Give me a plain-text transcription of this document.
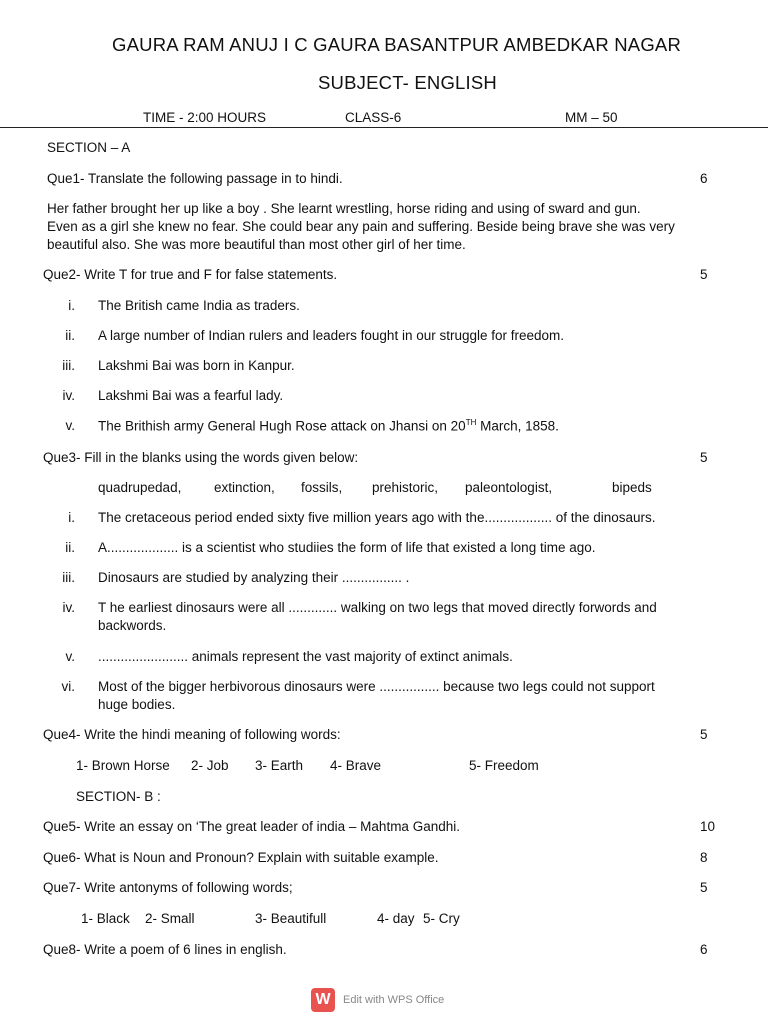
GAURA RAM ANUJ I C GAURA BASANTPUR AMBEDKAR NAGAR
SUBJECT- ENGLISH
TIME - 2:00 HOURS	CLASS-6	MM – 50
SECTION – A
Que1- Translate the following passage in to hindi.	6
Her father brought her up like a boy . She learnt wrestling, horse riding and using of sward and gun.
Even as a girl she knew no fear. She could bear any pain and suffering. Beside being brave she was very
beautiful also. She was more beautiful than most other girl of her time.
Que2- Write T for true and F for false statements.	5
i. The British came India as traders.
ii. A large number of Indian rulers and leaders fought in our struggle for freedom.
iii. Lakshmi Bai was born in Kanpur.
iv. Lakshmi Bai was a fearful lady.
v. The Brithish army General Hugh Rose attack on Jhansi on 20TH March, 1858.
Que3- Fill in the blanks using the words given below:	5
quadrupedad, extinction, fossils, prehistoric, paleontologist,	bipeds
i. The cretaceous period ended sixty five million years ago with the.................. of the dinosaurs.
ii. A................... is a scientist who studiies the form of life that existed a long time ago.
iii. Dinosaurs are studied by analyzing their ................ .
iv. T he earliest dinosaurs were all ............. walking on two legs that moved directly forwords and
backwords.
v. ........................ animals represent the vast majority of extinct animals.
vi. Most of the bigger herbivorous dinosaurs were ................ because two legs could not support
huge bodies.
Que4- Write the hindi meaning of following words:	5
1- Brown Horse 2- Job 3- Earth 4- Brave	5- Freedom
SECTION- B :
Que5- Write an essay on ‘The great leader of india – Mahtma Gandhi.	10
Que6- What is Noun and Pronoun? Explain with suitable example.	8
Que7- Write antonyms of following words;	5
1- Black 2- Small	3- Beautifull	4- day 5- Cry
Que8- Write a poem of 6 lines in english.	6
W	Edit with WPS Office
